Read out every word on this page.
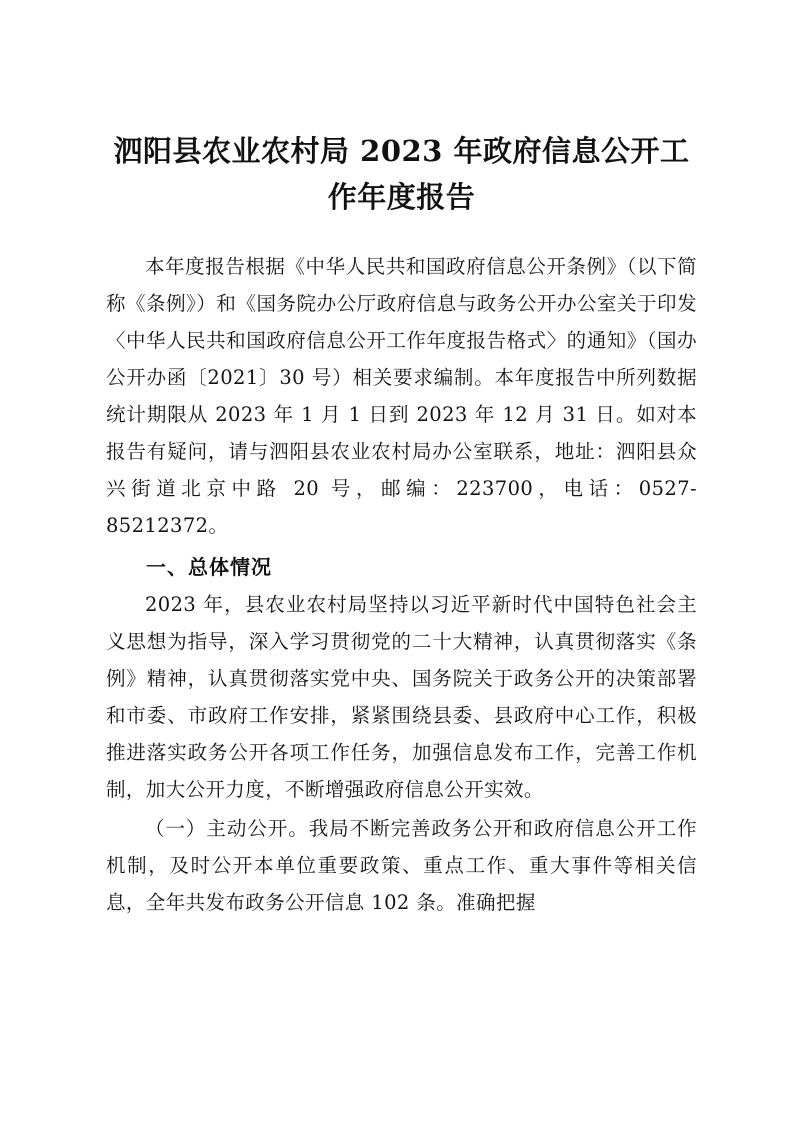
泗阳县农业农村局 2023 年政府信息公开工作年度报告

本年度报告根据《中华人民共和国政府信息公开条例》（以下简称《条例》）和《国务院办公厅政府信息与政务公开办公室关于印发〈中华人民共和国政府信息公开工作年度报告格式〉的通知》（国办公开办函〔2021〕30 号）相关要求编制。本年度报告中所列数据统计期限从 2023 年 1 月 1 日到 2023 年 12 月 31 日。如对本报告有疑问，请与泗阳县农业农村局办公室联系，地址：泗阳县众兴街道北京中路 20 号，邮编：223700，电话：0527-85212372。

一、总体情况

2023 年，县农业农村局坚持以习近平新时代中国特色社会主义思想为指导，深入学习贯彻党的二十大精神，认真贯彻落实《条例》精神，认真贯彻落实党中央、国务院关于政务公开的决策部署和市委、市政府工作安排，紧紧围绕县委、县政府中心工作，积极推进落实政务公开各项工作任务，加强信息发布工作，完善工作机制，加大公开力度，不断增强政府信息公开实效。

（一）主动公开。我局不断完善政务公开和政府信息公开工作机制，及时公开本单位重要政策、重点工作、重大事件等相关信息，全年共发布政务公开信息 102 条。准确把握
